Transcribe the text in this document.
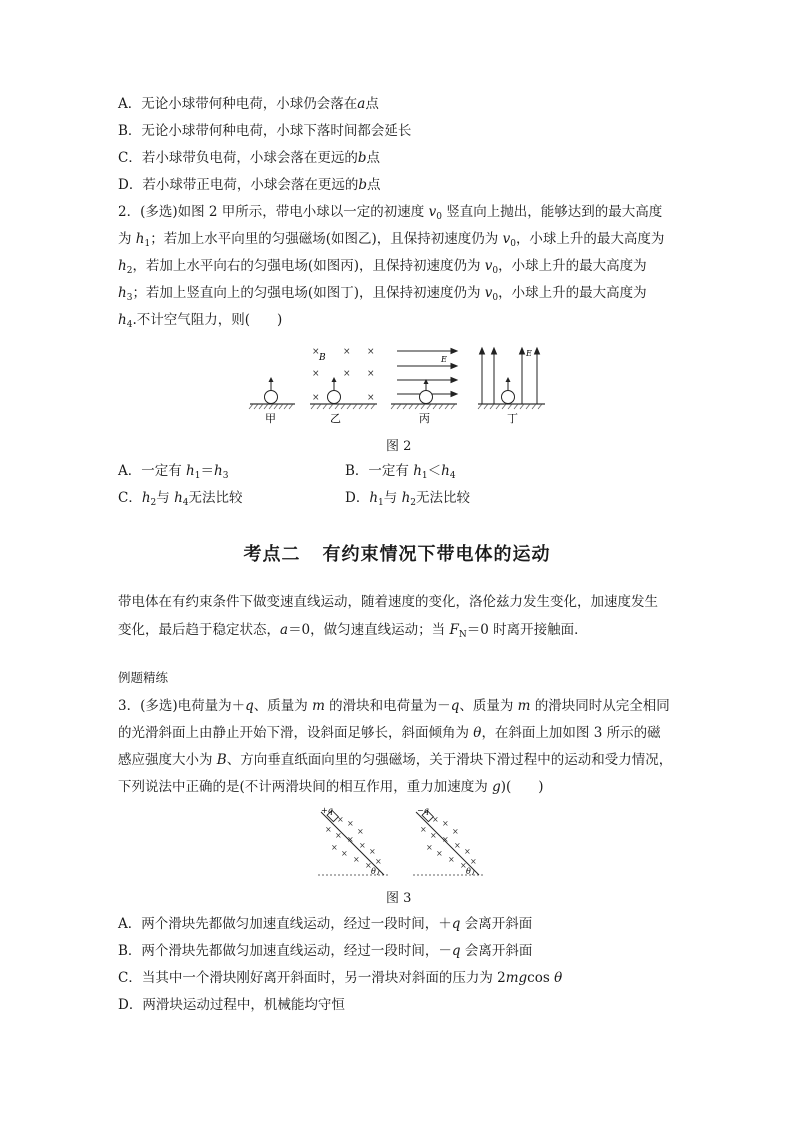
A．无论小球带何种电荷，小球仍会落在a点
B．无论小球带何种电荷，小球下落时间都会延长
C．若小球带负电荷，小球会落在更远的b点
D．若小球带正电荷，小球会落在更远的b点
2．(多选)如图 2 甲所示，带电小球以一定的初速度 $v_0$ 竖直向上抛出，能够达到的最大高度
为 $h_1$；若加上水平向里的匀强磁场(如图乙)，且保持初速度仍为 $v_0$，小球上升的最大高度为
$h_2$，若加上水平向右的匀强电场(如图丙)，且保持初速度仍为 $v_0$，小球上升的最大高度为
$h_3$；若加上竖直向上的匀强电场(如图丁)，且保持初速度仍为 $v_0$，小球上升的最大高度为
$h_4$.不计空气阻力，则(　　)
甲
×	× ×
×	× ×
×	×
B
乙
E
丙
E
丁
图 2
A．一定有 $h_1=h_3$	B．一定有 $h_1<h_4$
C．$h_2$与 $h_4$无法比较	D．$h_1$与 $h_2$无法比较
考点二 有约束情况下带电体的运动
带电体在有约束条件下做变速直线运动，随着速度的变化，洛伦兹力发生变化，加速度发生
变化，最后趋于稳定状态，a＝0，做匀速直线运动；当 $F_N=0$ 时离开接触面．
例题精练
3．(多选)电荷量为＋q、质量为 m 的滑块和电荷量为－q、质量为 m 的滑块同时从完全相同
的光滑斜面上由静止开始下滑，设斜面足够长，斜面倾角为 θ，在斜面上加如图 3 所示的磁
感应强度大小为 B、方向垂直纸面向里的匀强磁场，关于滑块下滑过程中的运动和受力情况，
下列说法中正确的是(不计两滑块间的相互作用，重力加速度为 g)(　　)
+q
× ×
×
×
× ×
×
×
×
×
×
× ×
θ
−q
× ×
×
×
× ×
×
×
×
×
×
× ×
θ
图 3
A．两个滑块先都做匀加速直线运动，经过一段时间，＋q 会离开斜面
B．两个滑块先都做匀加速直线运动，经过一段时间，－q 会离开斜面
C．当其中一个滑块刚好离开斜面时，另一滑块对斜面的压力为 2mgcos θ
D．两滑块运动过程中，机械能均守恒
